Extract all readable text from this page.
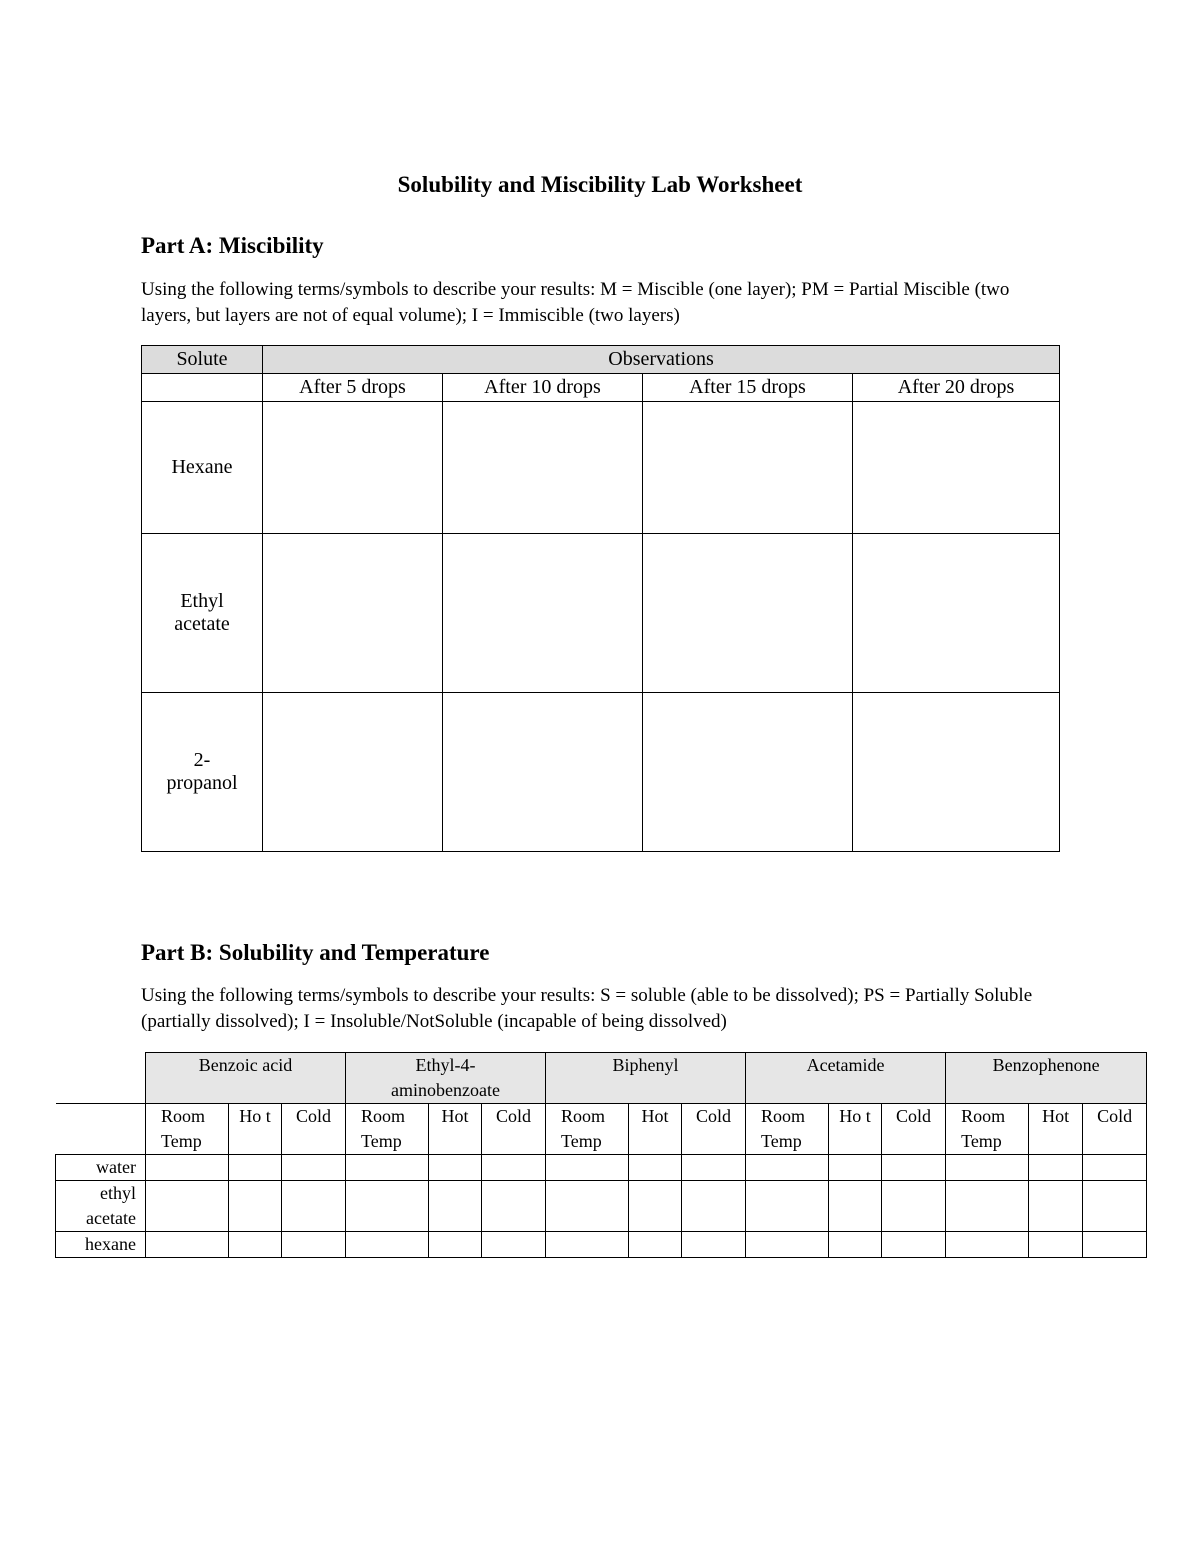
Solubility and Miscibility Lab Worksheet
Part A: Miscibility
Using the following terms/symbols to describe your results: M = Miscible (one layer); PM = Partial Miscible (two layers, but layers are not of equal volume); I = Immiscible (two layers)
Solute	Observations			
	After 5 drops	After 10 drops	After 15 drops	After 20 drops
Hexane				
Ethyl acetate				
2- propanol				
Part B: Solubility and Temperature
Using the following terms/symbols to describe your results: S = soluble (able to be dissolved); PS = Partially Soluble (partially dissolved); I = Insoluble/NotSoluble (incapable of being dissolved)
	Benzoic acid			Ethyl-4-aminobenzoate			Biphenyl			Acetamide			Benzophenone		
	Room Temp	Ho t	Cold	Room Temp	Hot	Cold	Room Temp	Hot	Cold	Room Temp	Ho t	Cold	Room Temp	Hot	Cold
water															
ethyl acetate															
hexane															
